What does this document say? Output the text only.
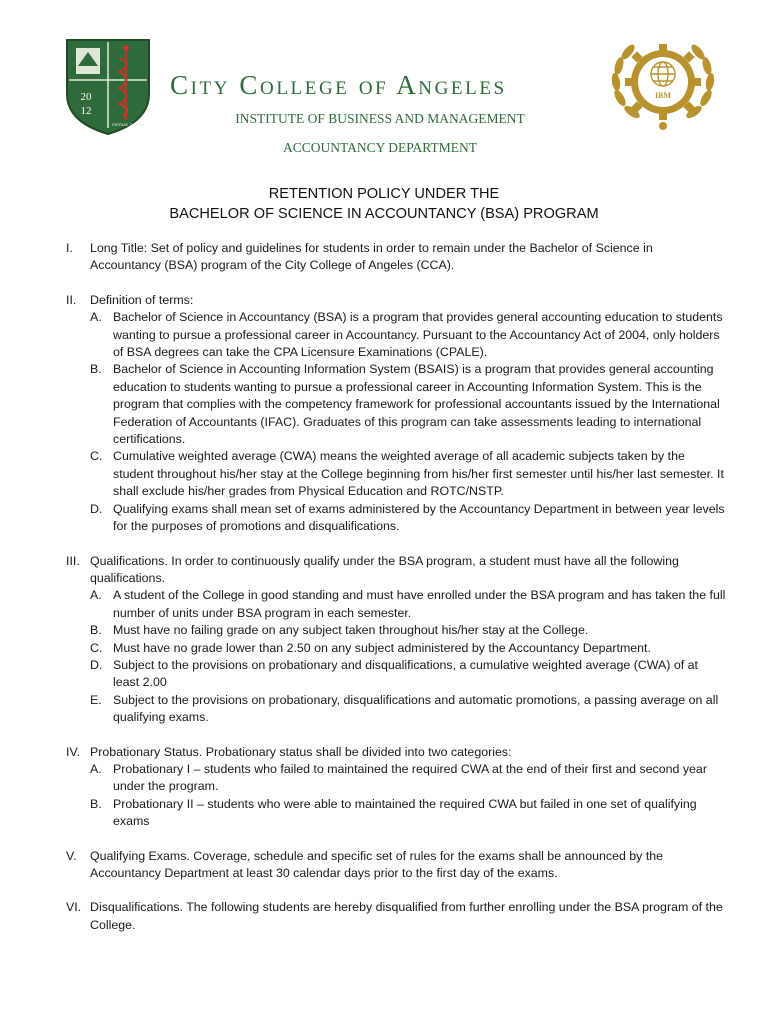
20
12
PATRIAE DOMINI
City College of Angeles
INSTITUTE OF BUSINESS AND MANAGEMENT
ACCOUNTANCY DEPARTMENT
IBM
RETENTION POLICY UNDER THE
BACHELOR OF SCIENCE IN ACCOUNTANCY (BSA) PROGRAM
I.	Long Title: Set of policy and guidelines for students in order to remain under the Bachelor of Science in Accountancy (BSA) program of the City College of Angeles (CCA).
II.	Definition of terms:
A. Bachelor of Science in Accountancy (BSA) is a program that provides general accounting education to students wanting to pursue a professional career in Accountancy. Pursuant to the Accountancy Act of 2004, only holders of BSA degrees can take the CPA Licensure Examinations (CPALE).
B. Bachelor of Science in Accounting Information System (BSAIS) is a program that provides general accounting education to students wanting to pursue a professional career in Accounting Information System. This is the program that complies with the competency framework for professional accountants issued by the International Federation of Accountants (IFAC). Graduates of this program can take assessments leading to international certifications.
C. Cumulative weighted average (CWA) means the weighted average of all academic subjects taken by the student throughout his/her stay at the College beginning from his/her first semester until his/her last semester. It shall exclude his/her grades from Physical Education and ROTC/NSTP.
D. Qualifying exams shall mean set of exams administered by the Accountancy Department in between year levels for the purposes of promotions and disqualifications.
III. Qualifications. In order to continuously qualify under the BSA program, a student must have all the following qualifications.
A. A student of the College in good standing and must have enrolled under the BSA program and has taken the full number of units under BSA program in each semester.
B. Must have no failing grade on any subject taken throughout his/her stay at the College.
C. Must have no grade lower than 2.50 on any subject administered by the Accountancy Department.
D. Subject to the provisions on probationary and disqualifications, a cumulative weighted average (CWA) of at least 2.00
E. Subject to the provisions on probationary, disqualifications and automatic promotions, a passing average on all qualifying exams.
IV. Probationary Status. Probationary status shall be divided into two categories:
A. Probationary I – students who failed to maintained the required CWA at the end of their first and second year under the program.
B. Probationary II – students who were able to maintained the required CWA but failed in one set of qualifying exams
V.	Qualifying Exams. Coverage, schedule and specific set of rules for the exams shall be announced by the Accountancy Department at least 30 calendar days prior to the first day of the exams.
VI. Disqualifications. The following students are hereby disqualified from further enrolling under the BSA program of the College.
